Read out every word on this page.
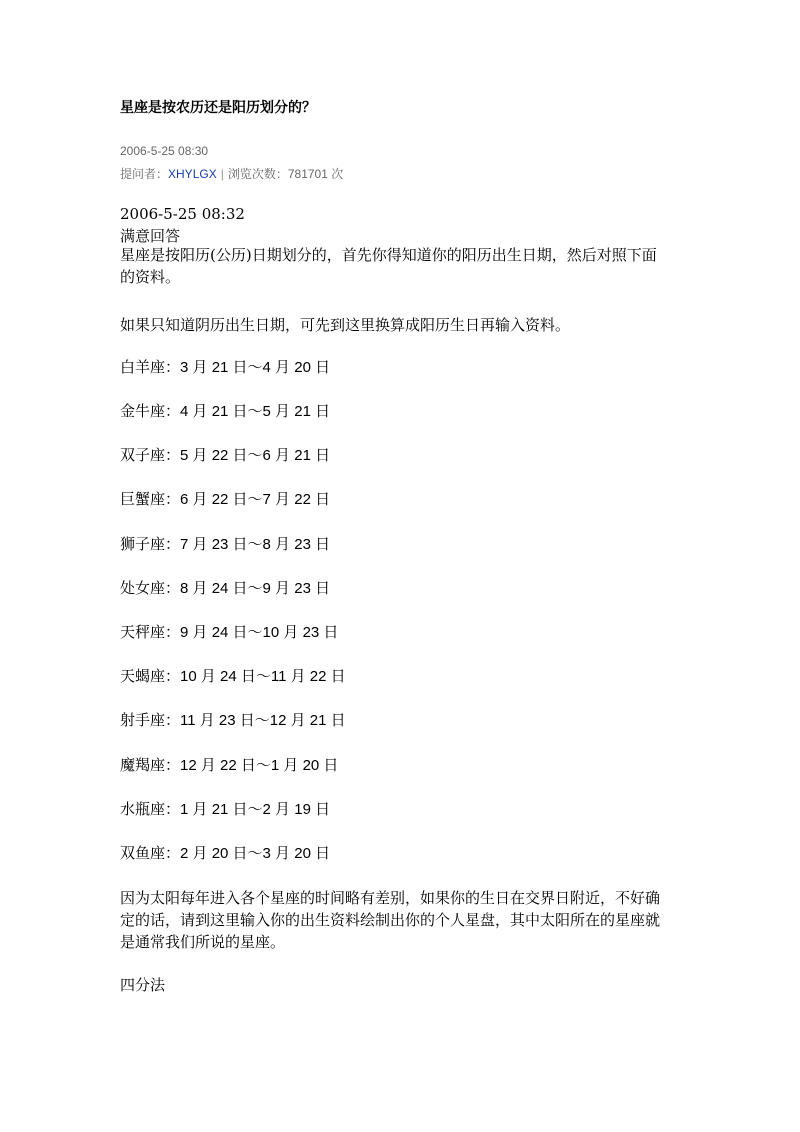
星座是按农历还是阳历划分的？
2006-5-25 08:30
提问者：XHYLGX | 浏览次数：781701 次
2006-5-25 08:32
满意回答
星座是按阳历(公历)日期划分的，首先你得知道你的阳历出生日期，然后对照下面的资料。
如果只知道阴历出生日期，可先到这里换算成阳历生日再输入资料。
白羊座：3 月 21 日～4 月 20 日
金牛座：4 月 21 日～5 月 21 日
双子座：5 月 22 日～6 月 21 日
巨蟹座：6 月 22 日～7 月 22 日
狮子座：7 月 23 日～8 月 23 日
处女座：8 月 24 日～9 月 23 日
天秤座：9 月 24 日～10 月 23 日
天蝎座：10 月 24 日～11 月 22 日
射手座：11 月 23 日～12 月 21 日
魔羯座：12 月 22 日～1 月 20 日
水瓶座：1 月 21 日～2 月 19 日
双鱼座：2 月 20 日～3 月 20 日
因为太阳每年进入各个星座的时间略有差别，如果你的生日在交界日附近，不好确定的话，请到这里输入你的出生资料绘制出你的个人星盘，其中太阳所在的星座就是通常我们所说的星座。
四分法
